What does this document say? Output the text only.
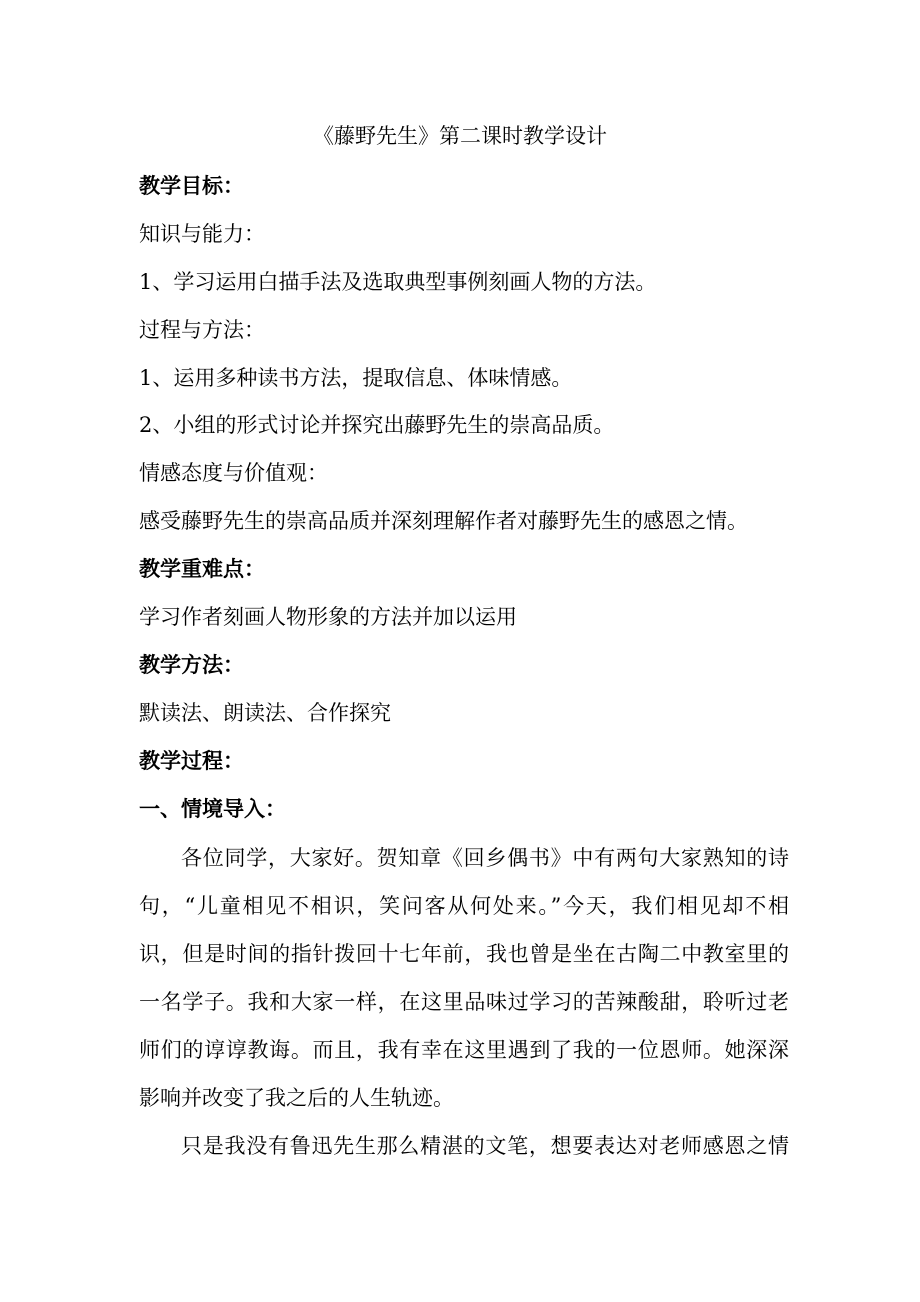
《藤野先生》第二课时教学设计
教学目标：
知识与能力：
1、学习运用白描手法及选取典型事例刻画人物的方法。
过程与方法：
1、运用多种读书方法，提取信息、体味情感。
2、小组的形式讨论并探究出藤野先生的崇高品质。
情感态度与价值观：
感受藤野先生的崇高品质并深刻理解作者对藤野先生的感恩之情。
教学重难点：
学习作者刻画人物形象的方法并加以运用
教学方法：
默读法、朗读法、合作探究
教学过程：
一、情境导入：
各位同学，大家好。贺知章《回乡偶书》中有两句大家熟知的诗
句，“儿童相见不相识，笑问客从何处来。”今天，我们相见却不相
识，但是时间的指针拨回十七年前，我也曾是坐在古陶二中教室里的
一名学子。我和大家一样，在这里品味过学习的苦辣酸甜，聆听过老
师们的谆谆教诲。而且，我有幸在这里遇到了我的一位恩师。她深深
影响并改变了我之后的人生轨迹。
只是我没有鲁迅先生那么精湛的文笔，想要表达对老师感恩之情
